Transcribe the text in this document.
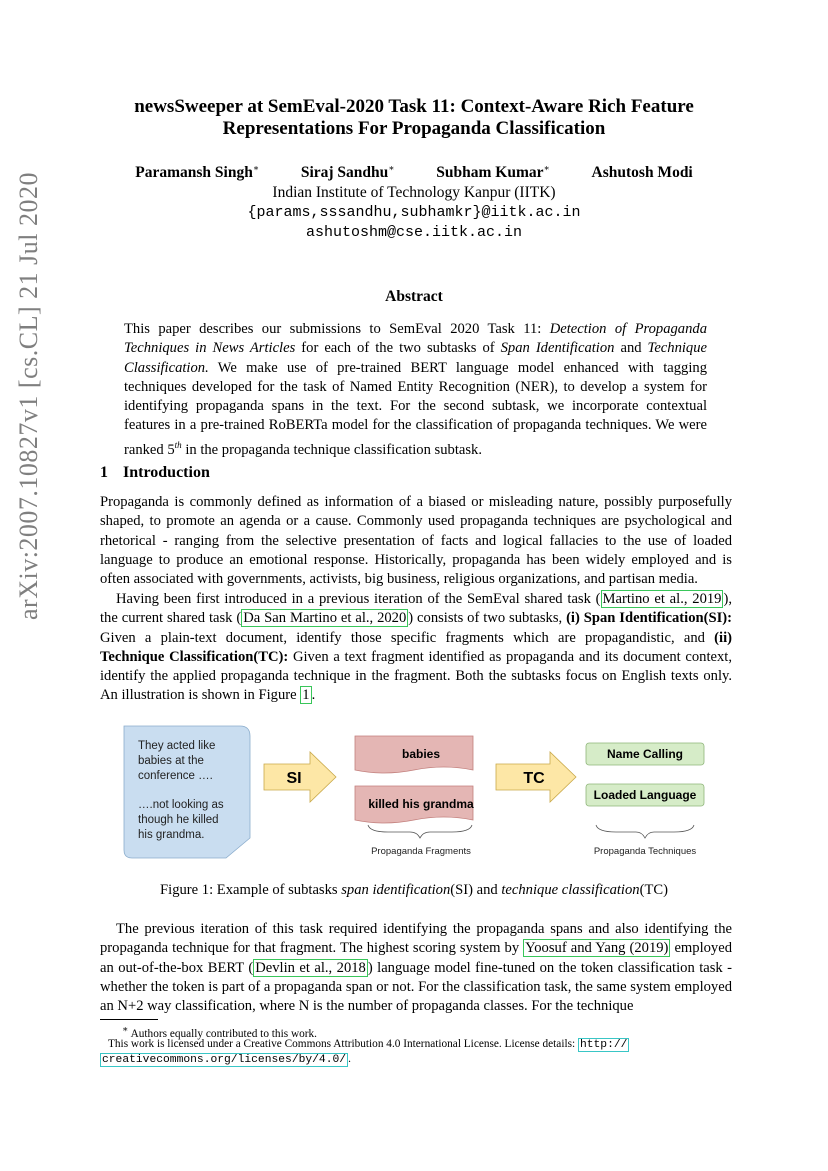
arXiv:2007.10827v1 [cs.CL] 21 Jul 2020
newsSweeper at SemEval-2020 Task 11: Context-Aware Rich Feature
Representations For Propaganda Classification
Paramansh Singh∗	Siraj Sandhu∗	Subham Kumar∗	Ashutosh Modi
Indian Institute of Technology Kanpur (IITK)
{params,sssandhu,subhamkr}@iitk.ac.in
ashutoshm@cse.iitk.ac.in
Abstract
This paper describes our submissions to SemEval 2020 Task 11: Detection of Propaganda Techniques in News Articles for each of the two subtasks of Span Identification and Technique Classification. We make use of pre-trained BERT language model enhanced with tagging techniques developed for the task of Named Entity Recognition (NER), to develop a system for identifying propaganda spans in the text. For the second subtask, we incorporate contextual features in a pre-trained RoBERTa model for the classification of propaganda techniques. We were ranked 5th in the propaganda technique classification subtask.
1 Introduction
Propaganda is commonly defined as information of a biased or misleading nature, possibly purposefully shaped, to promote an agenda or a cause. Commonly used propaganda techniques are psychological and rhetorical - ranging from the selective presentation of facts and logical fallacies to the use of loaded language to produce an emotional response. Historically, propaganda has been widely employed and is often associated with governments, activists, big business, religious organizations, and partisan media.
Having been first introduced in a previous iteration of the SemEval shared task ( Martino et al., 2019 ), the current shared task ( Da San Martino et al., 2020 ) consists of two subtasks, (i) Span Identification(SI): Given a plain-text document, identify those specific fragments which are propagandistic, and (ii) Technique Classification(TC): Given a text fragment identified as propaganda and its document context, identify the applied propaganda technique in the fragment. Both the subtasks focus on English texts only. An illustration is shown in Figure 1 .
They acted like babies at the conference …. ….not looking as though he killed his grandma.
SI
babies
killed his grandma
Propaganda Fragments
TC
Name Calling
Loaded Language
Propaganda Techniques
Figure 1: Example of subtasks span identification(SI) and technique classification(TC)
The previous iteration of this task required identifying the propaganda spans and also identifying the propaganda technique for that fragment. The highest scoring system by Yoosuf and Yang (2019) employed an out-of-the-box BERT ( Devlin et al., 2018 ) language model fine-tuned on the token classification task - whether the token is part of a propaganda span or not. For the classification task, the same system employed an N+2 way classification, where N is the number of propaganda classes. For the technique
∗ Authors equally contributed to this work.
This work is licensed under a Creative Commons Attribution 4.0 International License. License details: http://
creativecommons.org/licenses/by/4.0/ .
